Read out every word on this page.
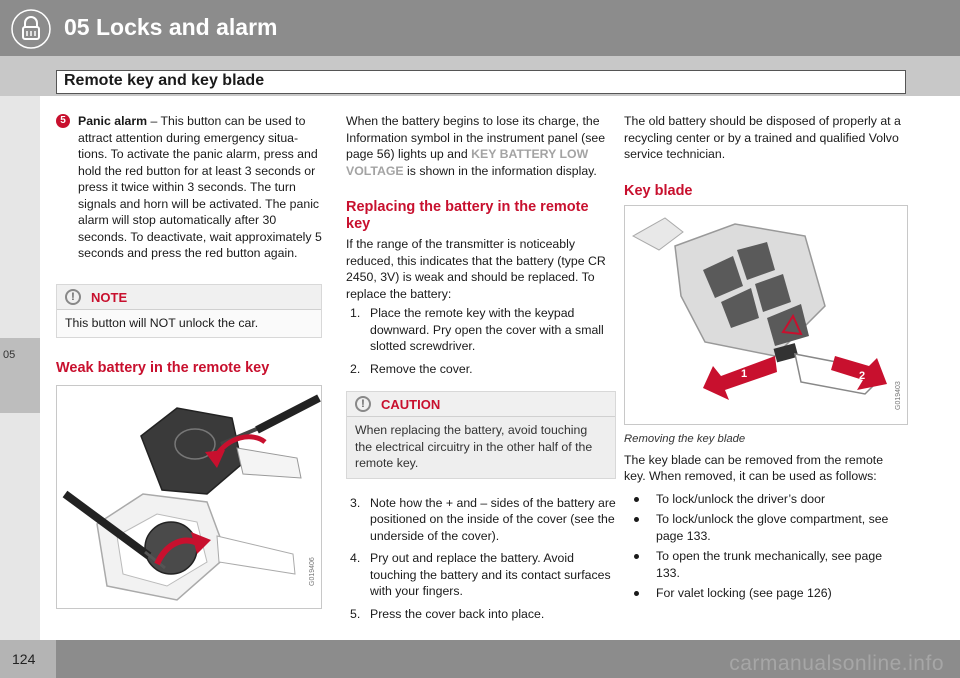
05 Locks and alarm
Remote key and key blade
05
5 Panic alarm – This button can be used to attract attention during emergency situations. To activate the panic alarm, press and hold the red button for at least 3 seconds or press it twice within 3 seconds. The turn signals and horn will be activated. The panic alarm will stop automatically after 30 seconds. To deactivate, wait approximately 5 seconds and press the red button again.
!	NOTE
This button will NOT unlock the car.

Weak battery in the remote key

G019406

When the battery begins to lose its charge, the Information symbol in the instrument panel (see page 56) lights up and KEY BATTERY LOW VOLTAGE is shown in the information display.

Replacing the battery in the remote key

If the range of the transmitter is noticeably reduced, this indicates that the battery (type CR 2450, 3V) is weak and should be replaced. To replace the battery:

1. Place the remote key with the keypad downward. Pry open the cover with a small slotted screwdriver.
2. Remove the cover.
!	CAUTION
When replacing the battery, avoid touching the electrical circuitry in the other half of the remote key.
3. Note how the + and – sides of the battery are positioned on the inside of the cover (see the underside of the cover).
4. Pry out and replace the battery. Avoid touching the battery and its contact surfaces with your fingers.
5. Press the cover back into place.

The old battery should be disposed of properly at a recycling center or by a trained and qualified Volvo service technician.

Key blade

1	2
G019403

Removing the key blade

The key blade can be removed from the remote key. When removed, it can be used as follows:

To lock/unlock the driver’s door
To lock/unlock the glove compartment, see page 133.
To open the trunk mechanically, see page 133.
For valet locking (see page 126)
124	carmanualsonline.info
